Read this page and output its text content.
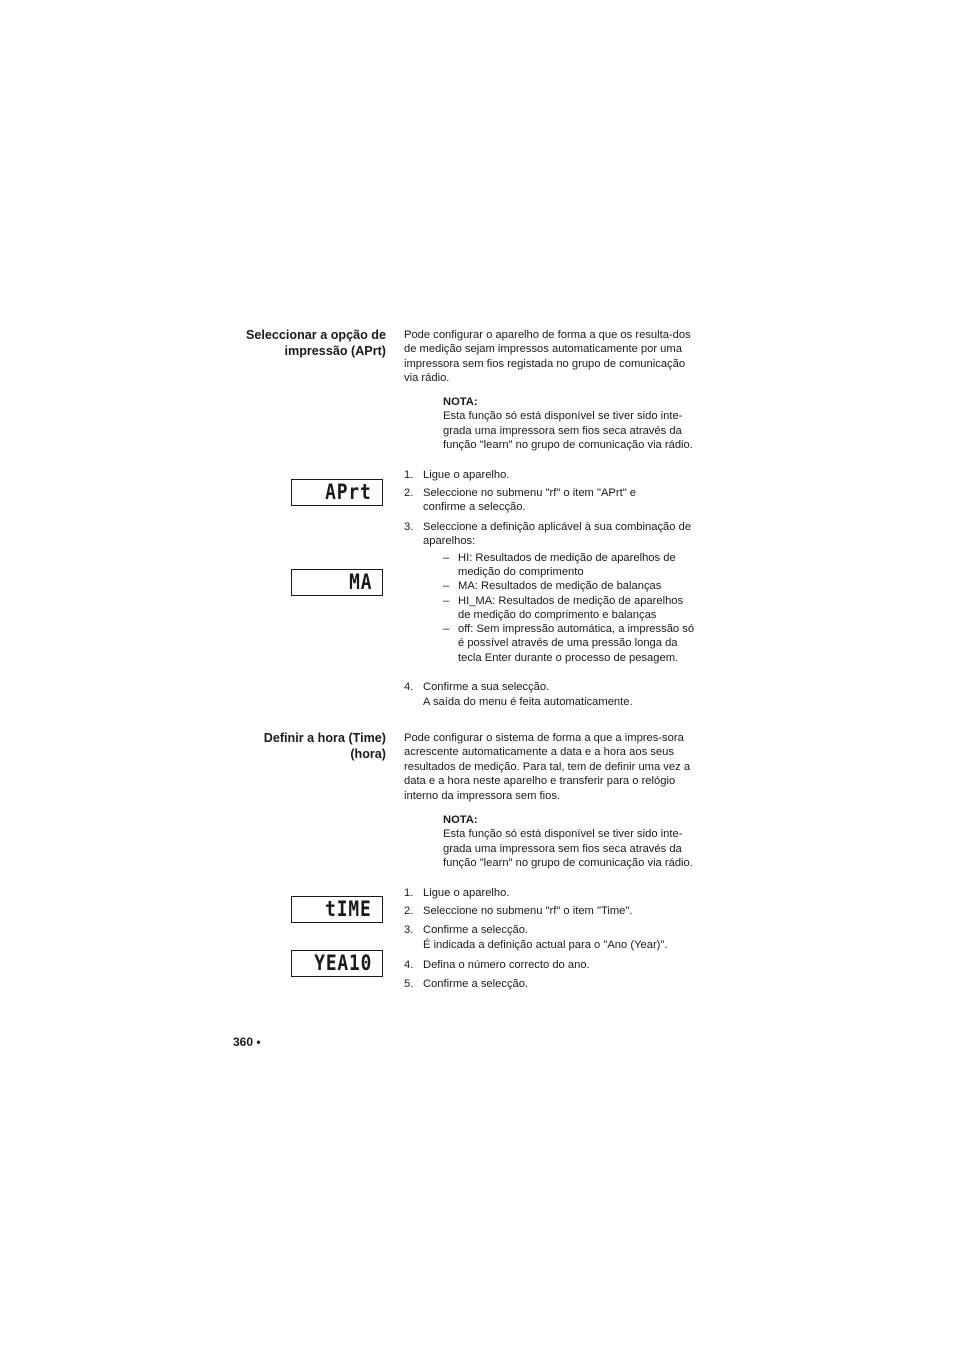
Seleccionar a opção de
impressão (APrt)
Pode configurar o aparelho de forma a que os resulta-dos de medição sejam impressos automaticamente por uma impressora sem fios registada no grupo de comunicação via rádio.
NOTA:
Esta função só está disponível se tiver sido inte-grada uma impressora sem fios seca através da função "learn" no grupo de comunicação via rádio.
1. Ligue o aparelho.
2. Seleccione no submenu "rf" o item "APrt" e confirme a selecção.
3. Seleccione a definição aplicável à sua combinação de aparelhos:
– HI: Resultados de medição de aparelhos de medição do comprimento
– MA: Resultados de medição de balanças
– HI_MA: Resultados de medição de aparelhos de medição do comprimento e balanças
– off: Sem impressão automática, a impressão só é possível através de uma pressão longa da tecla Enter durante o processo de pesagem.
4. Confirme a sua selecção.
A saída do menu é feita automaticamente.
APrt
MA
Definir a hora (Time)
(hora)
Pode configurar o sistema de forma a que a impres-sora acrescente automaticamente a data e a hora aos seus resultados de medição. Para tal, tem de definir uma vez a data e a hora neste aparelho e transferir para o relógio interno da impressora sem fios.
NOTA:
Esta função só está disponível se tiver sido inte-grada uma impressora sem fios seca através da função "learn" no grupo de comunicação via rádio.
1. Ligue o aparelho.
2. Seleccione no submenu "rf" o item "Time".
3. Confirme a selecção.
É indicada a definição actual para o "Ano (Year)".
4. Defina o número correcto do ano.
5. Confirme a selecção.
tIME
YEA10
360 •
